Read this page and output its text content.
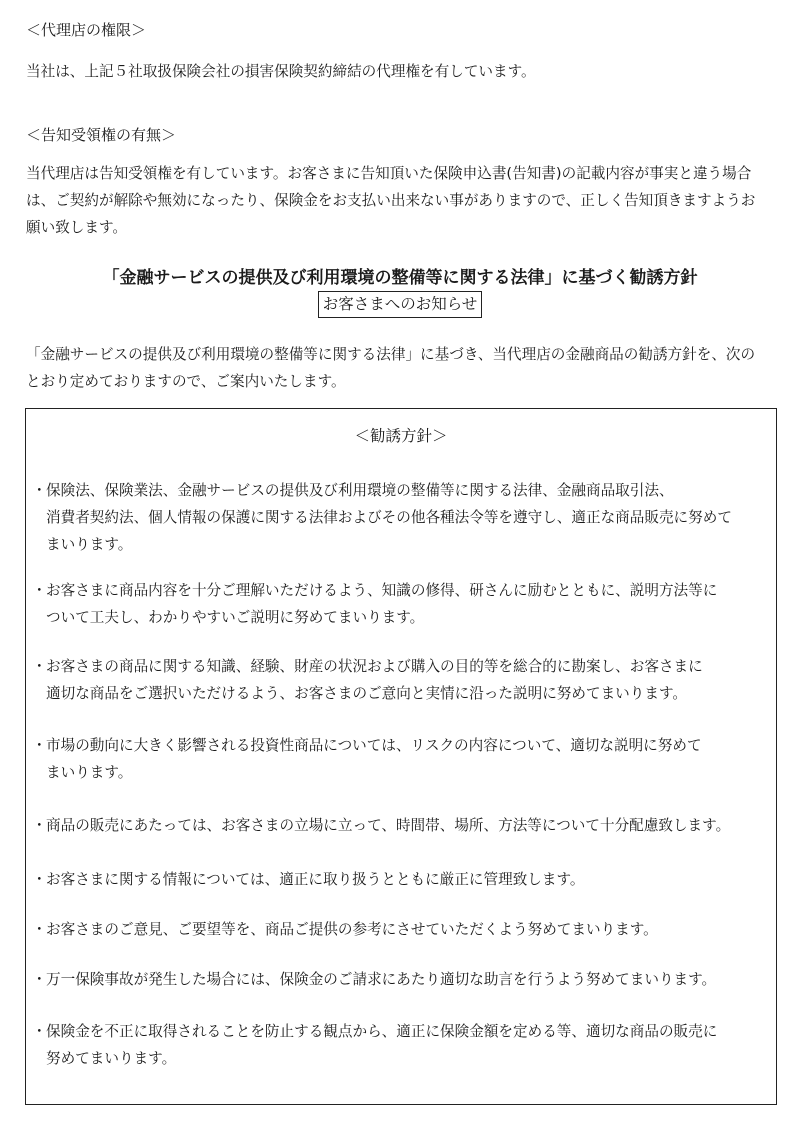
＜代理店の権限＞
当社は、上記５社取扱保険会社の損害保険契約締結の代理権を有しています。
＜告知受領権の有無＞
当代理店は告知受領権を有しています。お客さまに告知頂いた保険申込書(告知書)の記載内容が事実と違う場合
は、ご契約が解除や無効になったり、保険金をお支払い出来ない事がありますので、正しく告知頂きますようお
願い致します。
「金融サービスの提供及び利用環境の整備等に関する法律」に基づく勧誘方針
お客さまへのお知らせ
「金融サービスの提供及び利用環境の整備等に関する法律」に基づき、当代理店の金融商品の勧誘方針を、次の
とおり定めておりますので、ご案内いたします。
＜勧誘方針＞
・ 保険法、保険業法、金融サービスの提供及び利用環境の整備等に関する法律、金融商品取引法、
消費者契約法、個人情報の保護に関する法律およびその他各種法令等を遵守し、適正な商品販売に努めて
まいります。
・ お客さまに商品内容を十分ご理解いただけるよう、知識の修得、研さんに励むとともに、説明方法等に
ついて工夫し、わかりやすいご説明に努めてまいります。
・ お客さまの商品に関する知識、経験、財産の状況および購入の目的等を総合的に勘案し、お客さまに
適切な商品をご選択いただけるよう、お客さまのご意向と実情に沿った説明に努めてまいります。
・ 市場の動向に大きく影響される投資性商品については、リスクの内容について、適切な説明に努めて
まいります。
・ 商品の販売にあたっては、お客さまの立場に立って、時間帯、場所、方法等について十分配慮致します。
・ お客さまに関する情報については、適正に取り扱うとともに厳正に管理致します。
・ お客さまのご意見、ご要望等を、商品ご提供の参考にさせていただくよう努めてまいります。
・ 万一保険事故が発生した場合には、保険金のご請求にあたり適切な助言を行うよう努めてまいります。
・ 保険金を不正に取得されることを防止する観点から、適正に保険金額を定める等、適切な商品の販売に
努めてまいります。
